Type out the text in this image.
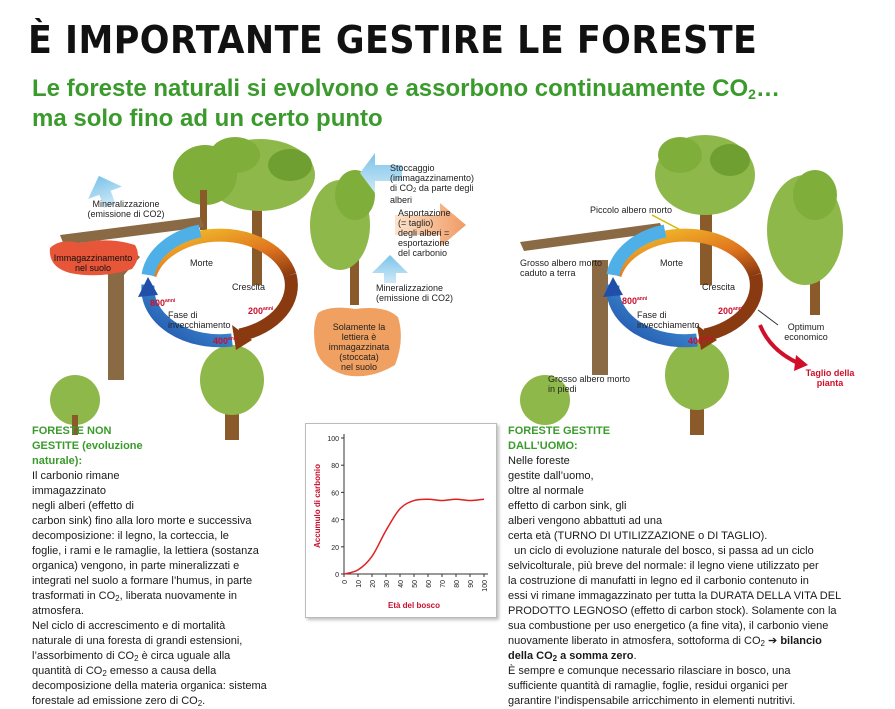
È IMPORTANTE GESTIRE LE FORESTE
Le foreste naturali si evolvono e assorbono continuamente $CO_2\dots$
ma solo fino ad un certo punto
Mineralizzazione
(emissione di CO2)
Immagazzinamento
nel suolo
Stoccaggio
(immagazzinamento)
di $CO_2$ da parte degli
alberi
Asportazione
(= taglio)
degli alberi =
esportazione
del carbonio
Mineralizzazione
(emissione di CO2)
Solamente la
lettiera è
immagazzinata
(stoccata)
nel suolo
Morte
Crescita
Fase di
invecchiamento
$800^{anni}$
$200^{anni}$
$400^{anni}$
Piccolo albero morto
Grosso albero morto
caduto a terra
Grosso albero morto
in piedi
Optimum
economico
Taglio della
pianta
Morte
Crescita
Fase di
invecchiamento
$800^{anni}$
$200^{anni}$
$400^{anni}$
FORESTE NON
GESTITE (evoluzione
naturale):
Il carbonio rimane
immagazzinato
negli alberi (effetto di
carbon sink) fino alla loro morte e successiva
decomposizione: il legno, la corteccia, le
foglie, i rami e le ramaglie, la lettiera (sostanza
organica) vengono, in parte mineralizzati e
integrati nel suolo a formare l’humus, in parte
trasformati in $CO_2$, liberata nuovamente in
atmosfera.
Nel ciclo di accrescimento e di mortalità
naturale di una foresta di grandi estensioni,
l’assorbimento di $CO_2$ è circa uguale alla
quantità di $CO_2$ emesso a causa della
decomposizione della materia organica: sistema
forestale ad emissione zero di $CO_2$.
FORESTE GESTITE
DALL’UOMO:
Nelle foreste
gestite dall’uomo,
oltre al normale
effetto di carbon sink, gli
alberi vengono abbattuti ad una
certa età (TURNO DI UTILIZZAZIONE o DI TAGLIO).
un ciclo di evoluzione naturale del bosco, si passa ad un ciclo
selvicolturale, più breve del normale: il legno viene utilizzato per
la costruzione di manufatti in legno ed il carbonio contenuto in
essi vi rimane immagazzinato per tutta la DURATA DELLA VITA DEL
PRODOTTO LEGNOSO (effetto di carbon stock). Solamente con la
sua combustione per uso energetico (a fine vita), il carbonio viene
nuovamente liberato in atmosfera, sottoforma di $CO_2$ ➔ bilancio
della $CO_2$ a somma zero.
È sempre e comunque necessario rilasciare in bosco, una
sufficiente quantità di ramaglie, foglie, residui organici per
garantire l’indispensabile arricchimento in elementi nutritivi.
0
20
40
60
80
100
0 10 20 30 40 50 60 70 80 90 100
Età del bosco
Accumulo di carbonio
